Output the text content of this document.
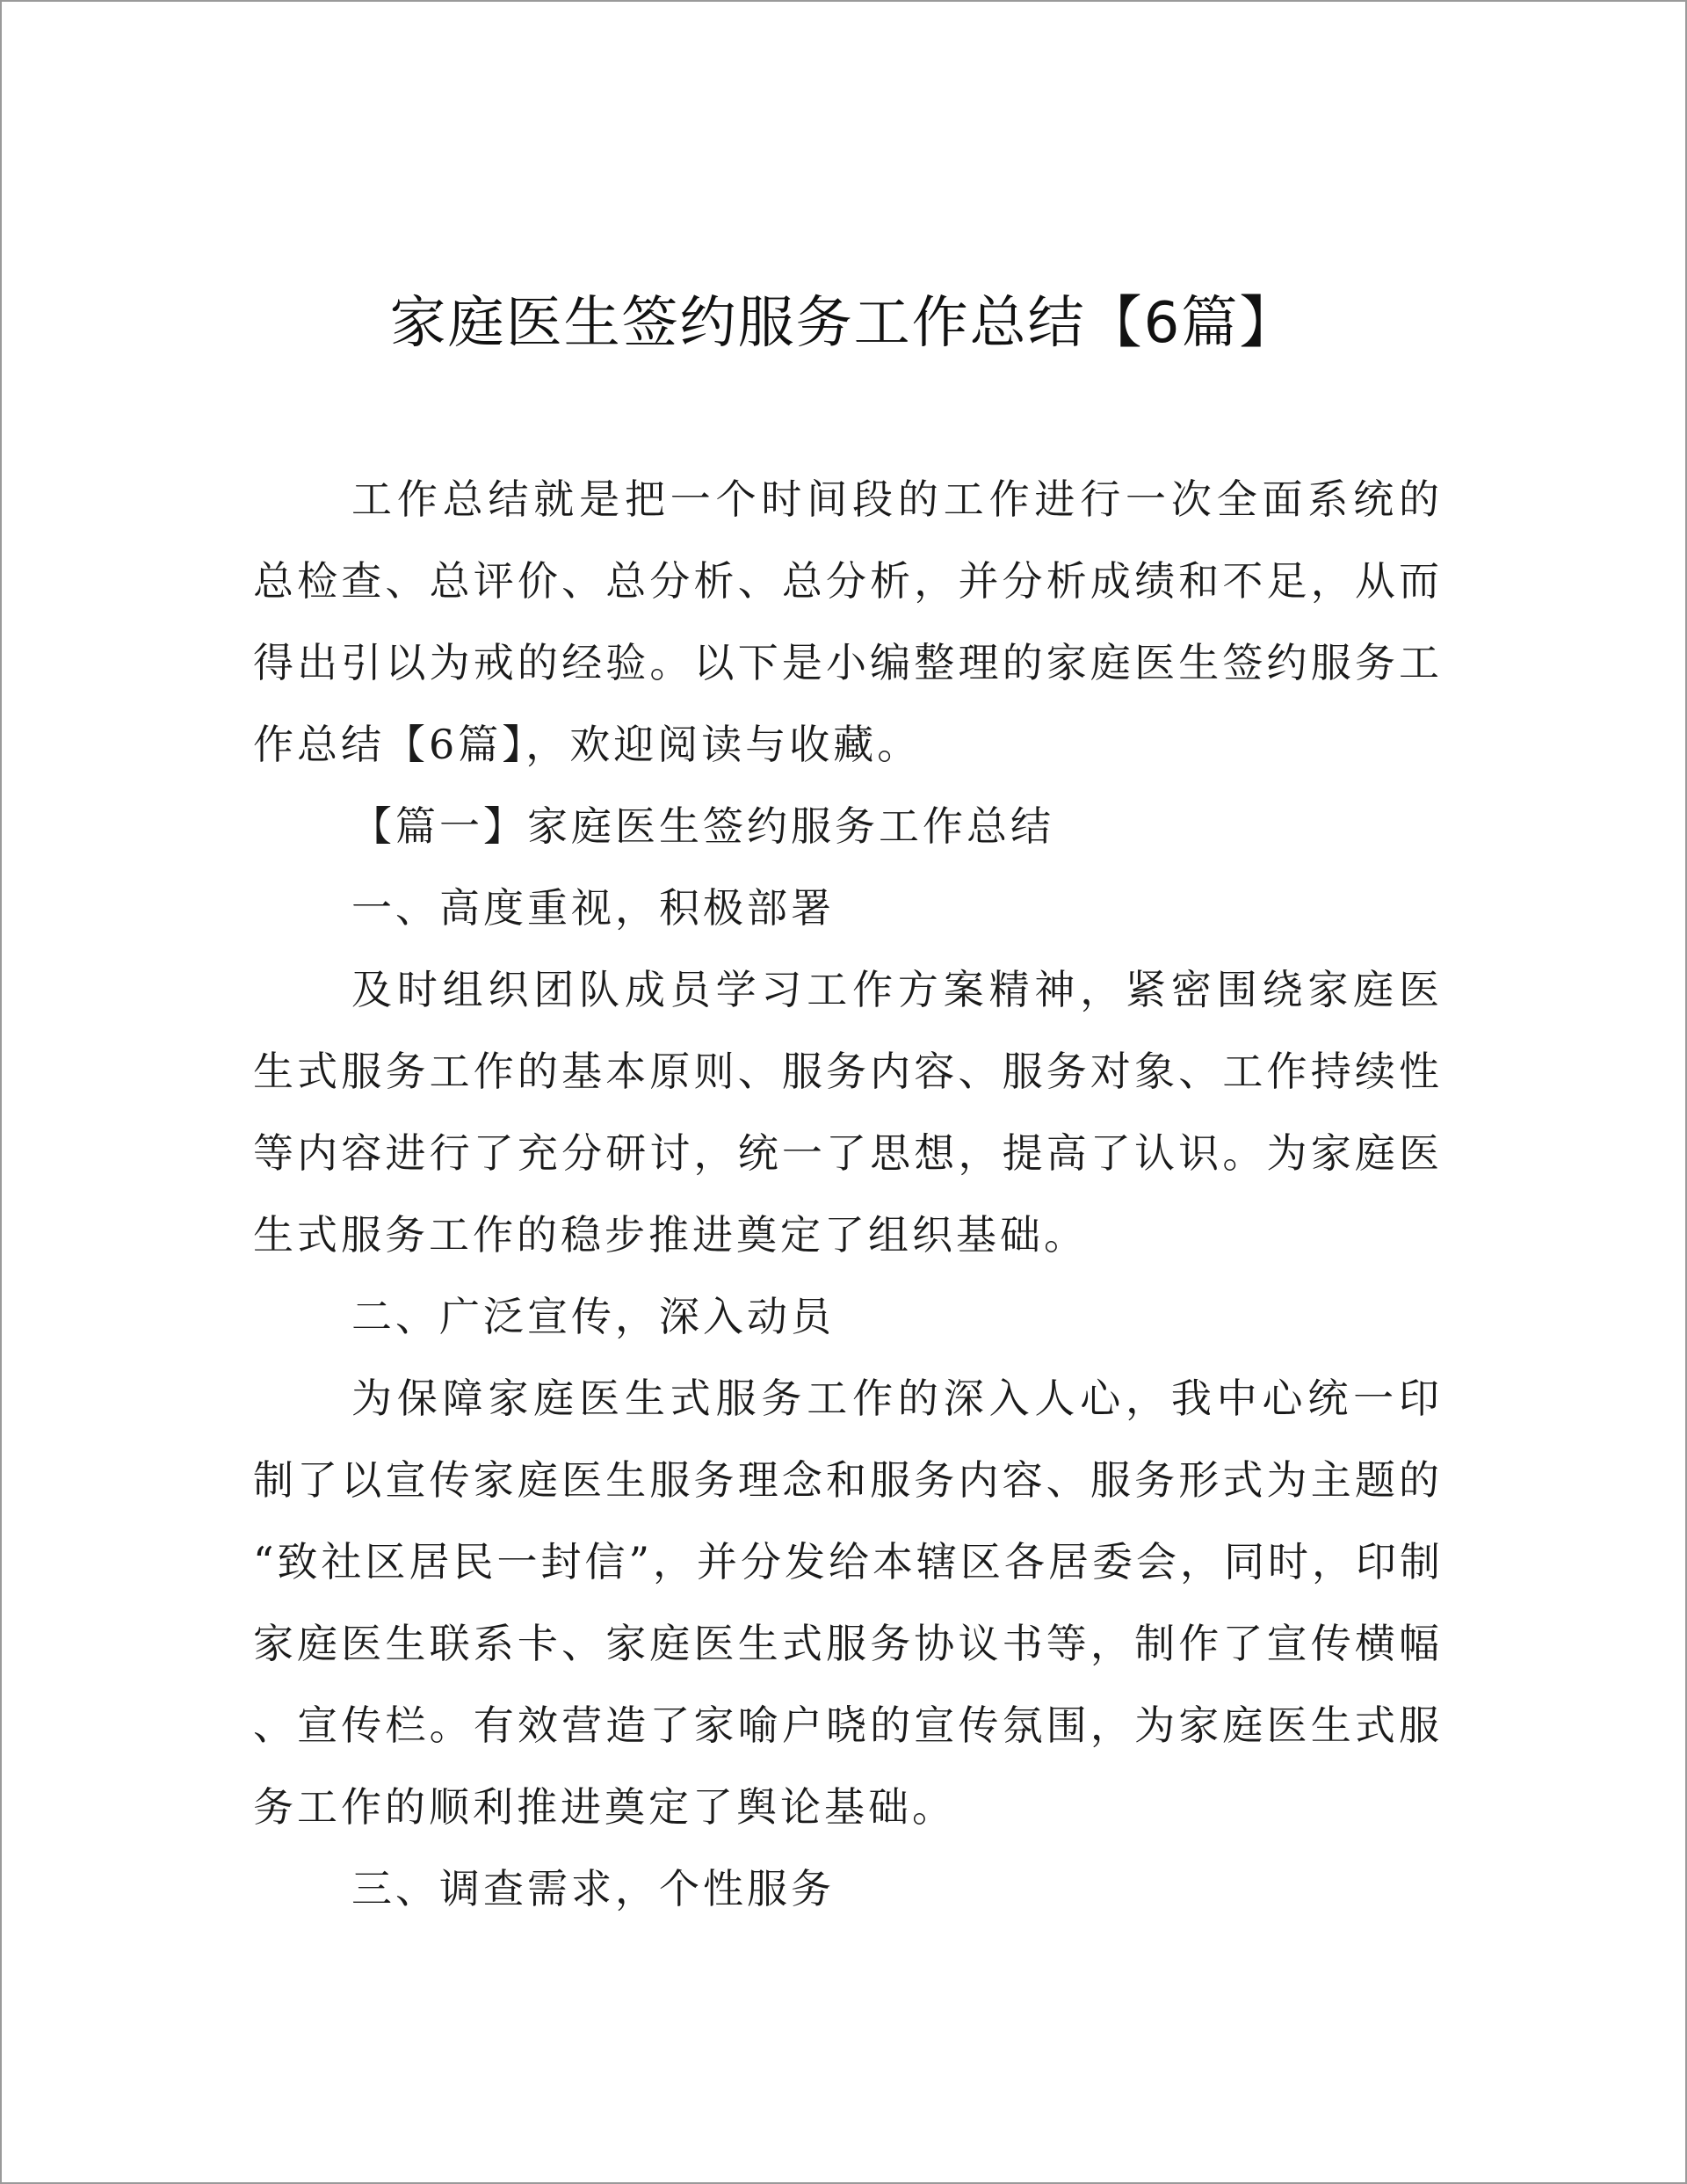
家庭医生签约服务工作总结【6篇】
工作总结就是把一个时间段的工作进行一次全面系统的
总检查、总评价、总分析、总分析，并分析成绩和不足，从而
得出引以为戒的经验。以下是小编整理的家庭医生签约服务工
作总结【6篇】，欢迎阅读与收藏。
【篇一】家庭医生签约服务工作总结
一、高度重视，积极部署
及时组织团队成员学习工作方案精神，紧密围绕家庭医
生式服务工作的基本原则、服务内容、服务对象、工作持续性
等内容进行了充分研讨，统一了思想，提高了认识。为家庭医
生式服务工作的稳步推进奠定了组织基础。
二、广泛宣传，深入动员
为保障家庭医生式服务工作的深入人心，我中心统一印
制了以宣传家庭医生服务理念和服务内容、服务形式为主题的
“致社区居民一封信”，并分发给本辖区各居委会，同时，印制
家庭医生联系卡、家庭医生式服务协议书等，制作了宣传横幅
、宣传栏。有效营造了家喻户晓的宣传氛围，为家庭医生式服
务工作的顺利推进奠定了舆论基础。
三、调查需求，个性服务
